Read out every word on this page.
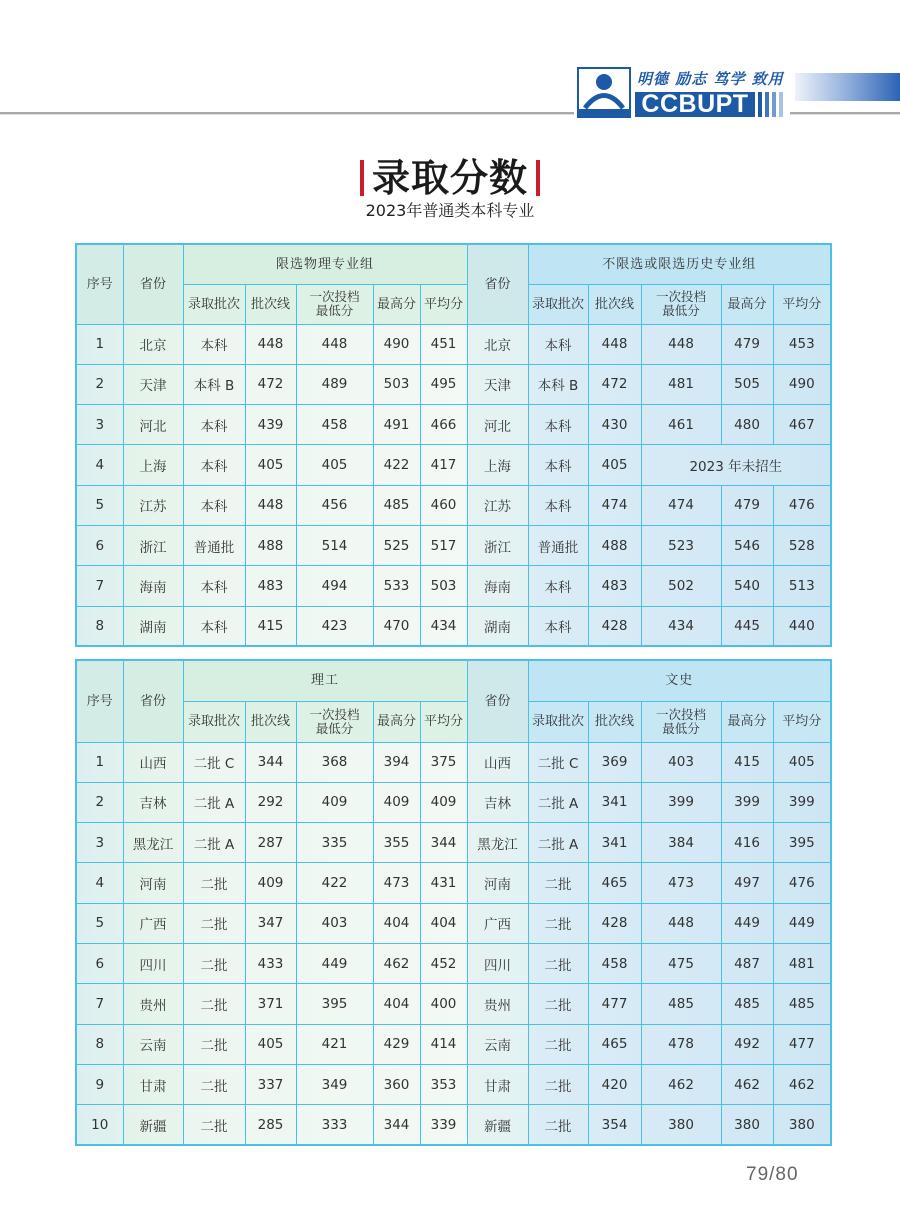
明德 励志 笃学 致用
CCBUPT
录取分数
2023年普通类本科专业
序号	省份	限选物理专业组					省份	不限选或限选历史专业组				
		录取批次	批次线	一次投档
最低分	最高分	平均分		录取批次	批次线	一次投档
最低分	最高分	平均分
1	北京	本科	448	448	490	451	北京	本科	448	448	479	453
2	天津	本科 B	472	489	503	495	天津	本科 B	472	481	505	490
3	河北	本科	439	458	491	466	河北	本科	430	461	480	467
4	上海	本科	405	405	422	417	上海	本科	405	2023 年未招生		
5	江苏	本科	448	456	485	460	江苏	本科	474	474	479	476
6	浙江	普通批	488	514	525	517	浙江	普通批	488	523	546	528
7	海南	本科	483	494	533	503	海南	本科	483	502	540	513
8	湖南	本科	415	423	470	434	湖南	本科	428	434	445	440
序号	省份	理工					省份	文史				
		录取批次	批次线	一次投档
最低分	最高分	平均分		录取批次	批次线	一次投档
最低分	最高分	平均分
1	山西	二批 C	344	368	394	375	山西	二批 C	369	403	415	405
2	吉林	二批 A	292	409	409	409	吉林	二批 A	341	399	399	399
3	黑龙江	二批 A	287	335	355	344	黑龙江	二批 A	341	384	416	395
4	河南	二批	409	422	473	431	河南	二批	465	473	497	476
5	广西	二批	347	403	404	404	广西	二批	428	448	449	449
6	四川	二批	433	449	462	452	四川	二批	458	475	487	481
7	贵州	二批	371	395	404	400	贵州	二批	477	485	485	485
8	云南	二批	405	421	429	414	云南	二批	465	478	492	477
9	甘肃	二批	337	349	360	353	甘肃	二批	420	462	462	462
10	新疆	二批	285	333	344	339	新疆	二批	354	380	380	380
79/80
